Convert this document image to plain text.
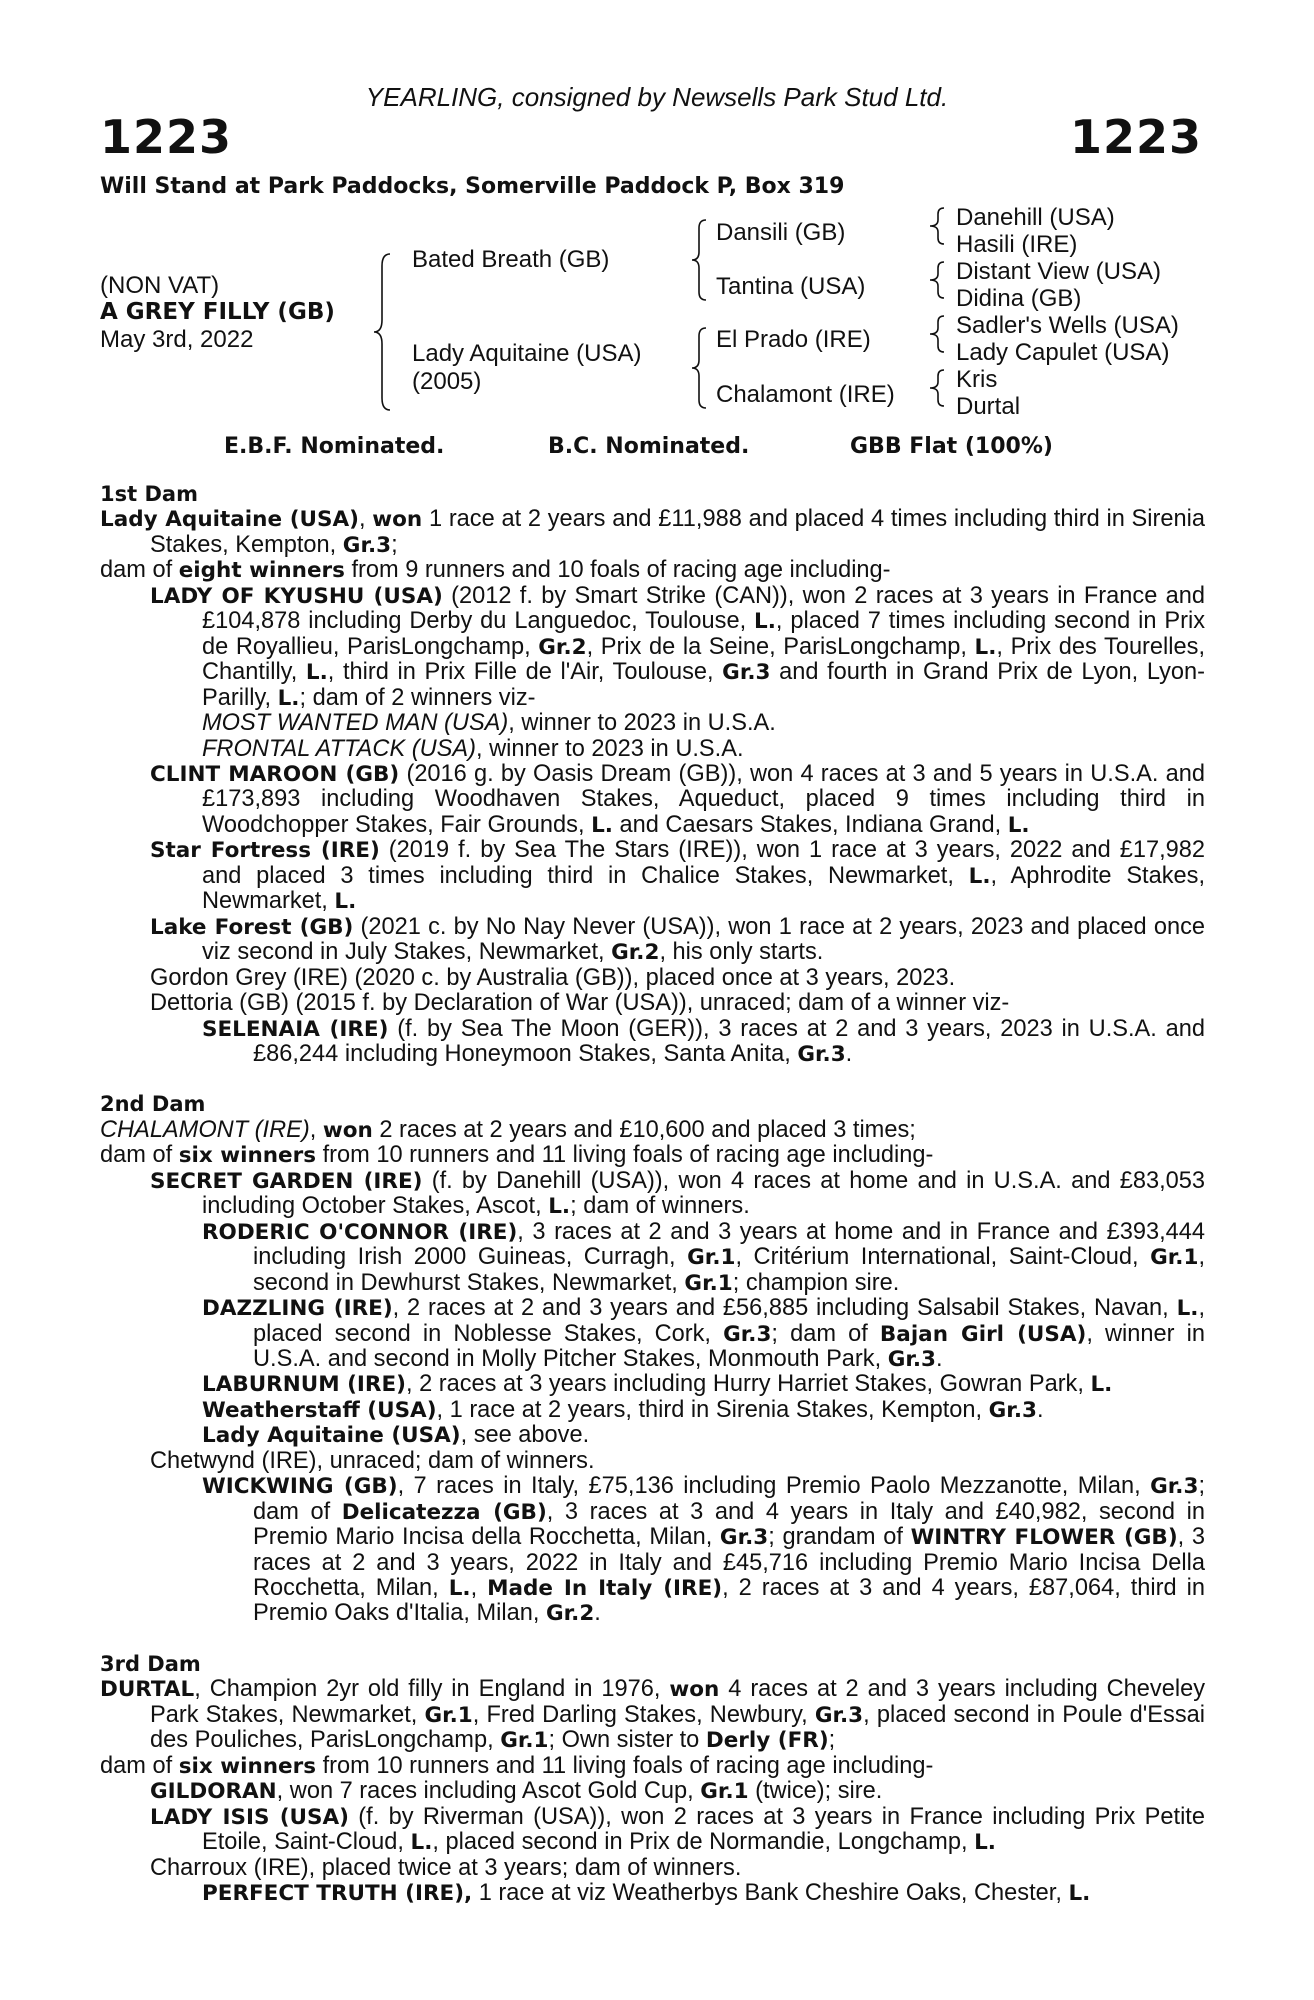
YEARLING, consigned by Newsells Park Stud Ltd.
1223	1223
Will Stand at Park Paddocks, Somerville Paddock P, Box 319
(NON VAT)
A GREY FILLY (GB)
May 3rd, 2022
Bated Breath (GB)
Lady Aquitaine (USA)
(2005)
Dansili (GB)
Tantina (USA)
El Prado (IRE)
Chalamont (IRE)
Danehill (USA)
Hasili (IRE)
Distant View (USA)
Didina (GB)
Sadler's Wells (USA)
Lady Capulet (USA)
Kris
Durtal
E.B.F. Nominated.	B.C. Nominated.	GBB Flat (100%)

1st Dam

Lady Aquitaine (USA), won 1 race at 2 years and £11,988 and placed 4 times including third in Sirenia Stakes, Kempton, Gr.3;

dam of eight winners from 9 runners and 10 foals of racing age including-

LADY OF KYUSHU (USA) (2012 f. by Smart Strike (CAN)), won 2 races at 3 years in France and £104,878 including Derby du Languedoc, Toulouse, L., placed 7 times including second in Prix de Royallieu, ParisLongchamp, Gr.2, Prix de la Seine, ParisLongchamp, L., Prix des Tourelles, Chantilly, L., third in Prix Fille de l'Air, Toulouse, Gr.3 and fourth in Grand Prix de Lyon, Lyon-Parilly, L.; dam of 2 winners viz-

MOST WANTED MAN (USA), winner to 2023 in U.S.A.

FRONTAL ATTACK (USA), winner to 2023 in U.S.A.

CLINT MAROON (GB) (2016 g. by Oasis Dream (GB)), won 4 races at 3 and 5 years in U.S.A. and £173,893 including Woodhaven Stakes, Aqueduct, placed 9 times including third in Woodchopper Stakes, Fair Grounds, L. and Caesars Stakes, Indiana Grand, L.

Star Fortress (IRE) (2019 f. by Sea The Stars (IRE)), won 1 race at 3 years, 2022 and £17,982 and placed 3 times including third in Chalice Stakes, Newmarket, L., Aphrodite Stakes, Newmarket, L.

Lake Forest (GB) (2021 c. by No Nay Never (USA)), won 1 race at 2 years, 2023 and placed once viz second in July Stakes, Newmarket, Gr.2, his only starts.

Gordon Grey (IRE) (2020 c. by Australia (GB)), placed once at 3 years, 2023.

Dettoria (GB) (2015 f. by Declaration of War (USA)), unraced; dam of a winner viz-

SELENAIA (IRE) (f. by Sea The Moon (GER)), 3 races at 2 and 3 years, 2023 in U.S.A. and £86,244 including Honeymoon Stakes, Santa Anita, Gr.3.

2nd Dam

CHALAMONT (IRE), won 2 races at 2 years and £10,600 and placed 3 times;

dam of six winners from 10 runners and 11 living foals of racing age including-

SECRET GARDEN (IRE) (f. by Danehill (USA)), won 4 races at home and in U.S.A. and £83,053 including October Stakes, Ascot, L.; dam of winners.

RODERIC O'CONNOR (IRE), 3 races at 2 and 3 years at home and in France and £393,444 including Irish 2000 Guineas, Curragh, Gr.1, Critérium International, Saint-Cloud, Gr.1, second in Dewhurst Stakes, Newmarket, Gr.1; champion sire.

DAZZLING (IRE), 2 races at 2 and 3 years and £56,885 including Salsabil Stakes, Navan, L., placed second in Noblesse Stakes, Cork, Gr.3; dam of Bajan Girl (USA), winner in U.S.A. and second in Molly Pitcher Stakes, Monmouth Park, Gr.3.

LABURNUM (IRE), 2 races at 3 years including Hurry Harriet Stakes, Gowran Park, L.

Weatherstaff (USA), 1 race at 2 years, third in Sirenia Stakes, Kempton, Gr.3.

Lady Aquitaine (USA), see above.

Chetwynd (IRE), unraced; dam of winners.

WICKWING (GB), 7 races in Italy, £75,136 including Premio Paolo Mezzanotte, Milan, Gr.3; dam of Delicatezza (GB), 3 races at 3 and 4 years in Italy and £40,982, second in Premio Mario Incisa della Rocchetta, Milan, Gr.3; grandam of WINTRY FLOWER (GB), 3 races at 2 and 3 years, 2022 in Italy and £45,716 including Premio Mario Incisa Della Rocchetta, Milan, L., Made In Italy (IRE), 2 races at 3 and 4 years, £87,064, third in Premio Oaks d'Italia, Milan, Gr.2.

3rd Dam

DURTAL, Champion 2yr old filly in England in 1976, won 4 races at 2 and 3 years including Cheveley Park Stakes, Newmarket, Gr.1, Fred Darling Stakes, Newbury, Gr.3, placed second in Poule d'Essai des Pouliches, ParisLongchamp, Gr.1; Own sister to Derly (FR);

dam of six winners from 10 runners and 11 living foals of racing age including-

GILDORAN, won 7 races including Ascot Gold Cup, Gr.1 (twice); sire.

LADY ISIS (USA) (f. by Riverman (USA)), won 2 races at 3 years in France including Prix Petite Etoile, Saint-Cloud, L., placed second in Prix de Normandie, Longchamp, L.

Charroux (IRE), placed twice at 3 years; dam of winners.

PERFECT TRUTH (IRE), 1 race at viz Weatherbys Bank Cheshire Oaks, Chester, L.
